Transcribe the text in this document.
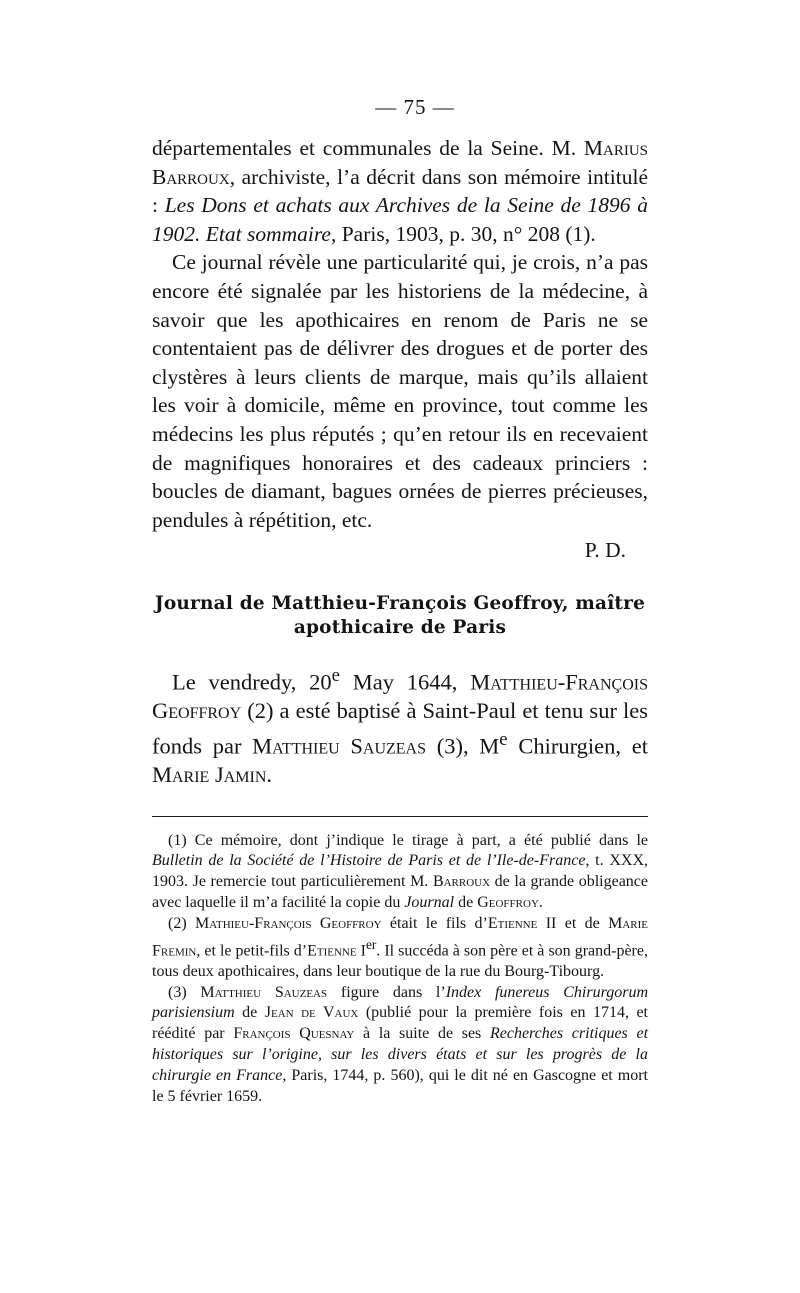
— 75 —

départementales et communales de la Seine. M. Marius Barroux, archiviste, l’a décrit dans son mémoire intitulé : Les Dons et achats aux Archives de la Seine de 1896 à 1902. Etat sommaire, Paris, 1903, p. 30, n° 208 (1).

Ce journal révèle une particularité qui, je crois, n’a pas encore été signalée par les historiens de la médecine, à savoir que les apothicaires en renom de Paris ne se contentaient pas de délivrer des drogues et de porter des clystères à leurs clients de marque, mais qu’ils allaient les voir à domicile, même en province, tout comme les médecins les plus réputés ; qu’en retour ils en recevaient de magnifiques honoraires et des cadeaux princiers : boucles de diamant, bagues ornées de pierres précieuses, pendules à répétition, etc.

P. D.
Journal de Matthieu-François Geoffroy, maître
apothicaire de Paris

Le vendredy, 20e May 1644, Matthieu-François Geoffroy (2) a esté baptisé à Saint-Paul et tenu sur les fonds par Matthieu Sauzeas (3), Me Chirurgien, et Marie Jamin.

(1) Ce mémoire, dont j’indique le tirage à part, a été publié dans le Bulletin de la Société de l’Histoire de Paris et de l’Ile-de-France, t. XXX, 1903. Je remercie tout particulièrement M. Barroux de la grande obligeance avec laquelle il m’a facilité la copie du Journal de Geoffroy.

(2) Mathieu-François Geoffroy était le fils d’Etienne II et de Marie Fremin, et le petit-fils d’Etienne Ier. Il succéda à son père et à son grand-père, tous deux apothicaires, dans leur boutique de la rue du Bourg-Tibourg.

(3) Matthieu Sauzeas figure dans l’Index funereus Chirurgorum parisiensium de Jean de Vaux (publié pour la première fois en 1714, et réédité par François Quesnay à la suite de ses Recherches critiques et historiques sur l’origine, sur les divers états et sur les progrès de la chirurgie en France, Paris, 1744, p. 560), qui le dit né en Gascogne et mort le 5 février 1659.
